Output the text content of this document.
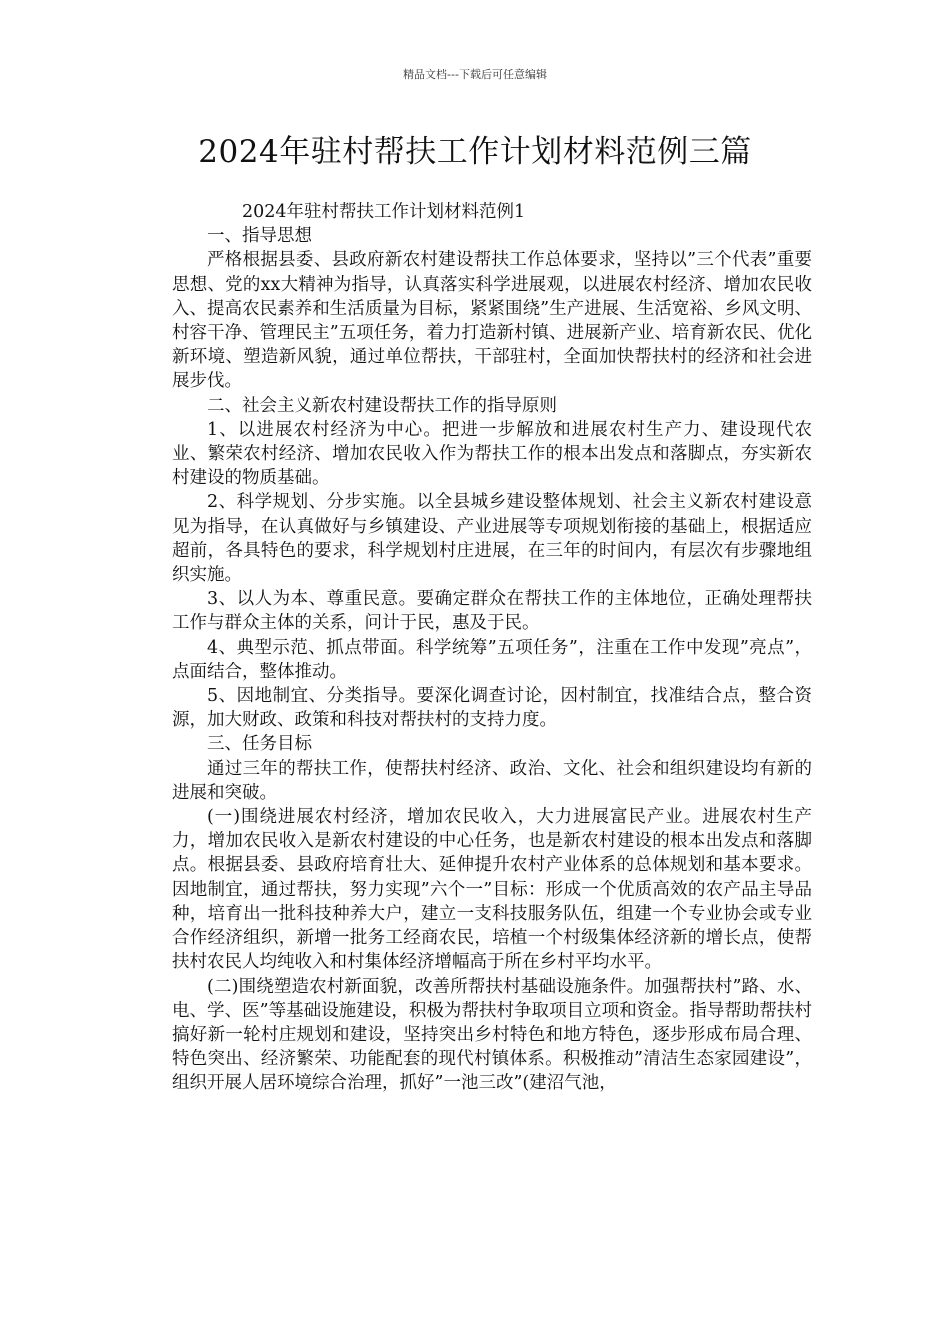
精品文档---下载后可任意编辑
2024年驻村帮扶工作计划材料范例三篇

2024年驻村帮扶工作计划材料范例1

一、指导思想

严格根据县委、县政府新农村建设帮扶工作总体要求，坚持以”三个代表”重要思想、党的xx大精神为指导，认真落实科学进展观，以进展农村经济、增加农民收入、提高农民素养和生活质量为目标，紧紧围绕”生产进展、生活宽裕、乡风文明、村容干净、管理民主”五项任务，着力打造新村镇、进展新产业、培育新农民、优化新环境、塑造新风貌，通过单位帮扶，干部驻村，全面加快帮扶村的经济和社会进展步伐。

二、社会主义新农村建设帮扶工作的指导原则

1、以进展农村经济为中心。把进一步解放和进展农村生产力、建设现代农业、繁荣农村经济、增加农民收入作为帮扶工作的根本出发点和落脚点，夯实新农村建设的物质基础。

2、科学规划、分步实施。以全县城乡建设整体规划、社会主义新农村建设意见为指导，在认真做好与乡镇建设、产业进展等专项规划衔接的基础上，根据适应超前，各具特色的要求，科学规划村庄进展，在三年的时间内，有层次有步骤地组织实施。

3、以人为本、尊重民意。要确定群众在帮扶工作的主体地位，正确处理帮扶工作与群众主体的关系，问计于民，惠及于民。

4、典型示范、抓点带面。科学统筹”五项任务”，注重在工作中发现”亮点”，点面结合，整体推动。

5、因地制宜、分类指导。要深化调查讨论，因村制宜，找准结合点，整合资源，加大财政、政策和科技对帮扶村的支持力度。

三、任务目标

通过三年的帮扶工作，使帮扶村经济、政治、文化、社会和组织建设均有新的进展和突破。

(一)围绕进展农村经济，增加农民收入，大力进展富民产业。进展农村生产力，增加农民收入是新农村建设的中心任务，也是新农村建设的根本出发点和落脚点。根据县委、县政府培育壮大、延伸提升农村产业体系的总体规划和基本要求。因地制宜，通过帮扶，努力实现”六个一”目标：形成一个优质高效的农产品主导品种，培育出一批科技种养大户，建立一支科技服务队伍，组建一个专业协会或专业合作经济组织，新增一批务工经商农民，培植一个村级集体经济新的增长点，使帮扶村农民人均纯收入和村集体经济增幅高于所在乡村平均水平。

(二)围绕塑造农村新面貌，改善所帮扶村基础设施条件。加强帮扶村”路、水、电、学、医”等基础设施建设，积极为帮扶村争取项目立项和资金。指导帮助帮扶村搞好新一轮村庄规划和建设，坚持突出乡村特色和地方特色，逐步形成布局合理、特色突出、经济繁荣、功能配套的现代村镇体系。积极推动”清洁生态家园建设”，组织开展人居环境综合治理，抓好”一池三改”(建沼气池，
